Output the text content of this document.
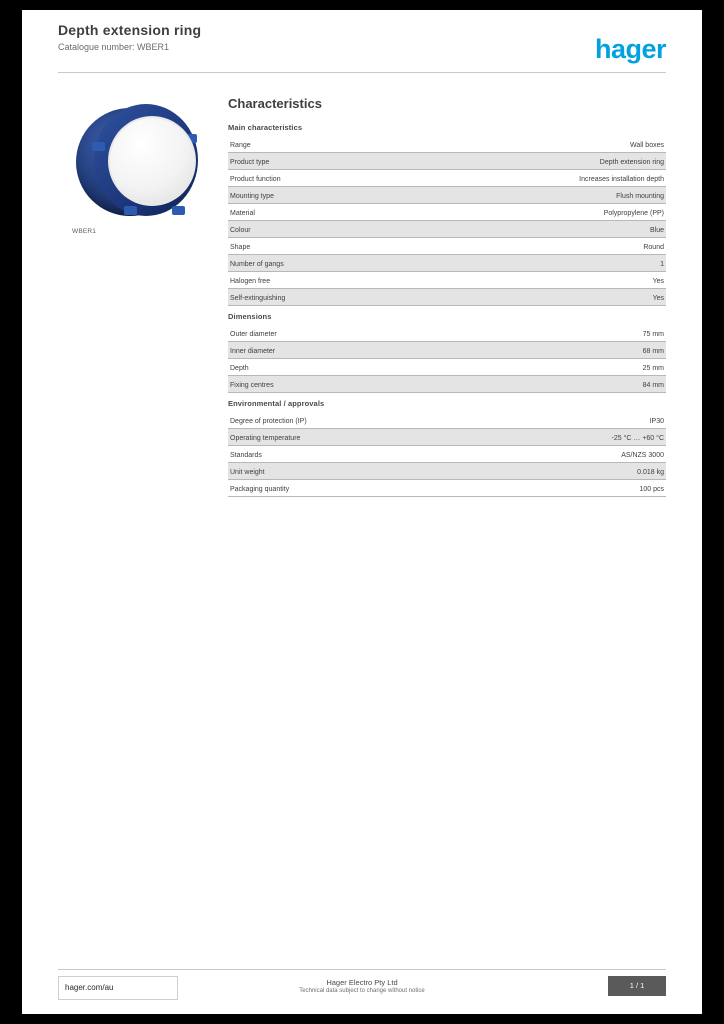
Depth extension ring
Catalogue number: WBER1	hager
WBER1
Characteristics
Main characteristics
Range	Wall boxes
Product type	Depth extension ring
Product function	Increases installation depth
Mounting type	Flush mounting
Material	Polypropylene (PP)
Colour	Blue
Shape	Round
Number of gangs	1
Halogen free	Yes
Self-extinguishing	Yes
Dimensions
Outer diameter	75 mm
Inner diameter	68 mm
Depth	25 mm
Fixing centres	84 mm
Environmental / approvals
Degree of protection (IP)	IP30
Operating temperature	-25 °C … +60 °C
Standards	AS/NZS 3000
Unit weight	0.018 kg
Packaging quantity	100 pcs
hager.com/au
Hager Electro Pty Ltd
Technical data subject to change without notice
1 / 1
